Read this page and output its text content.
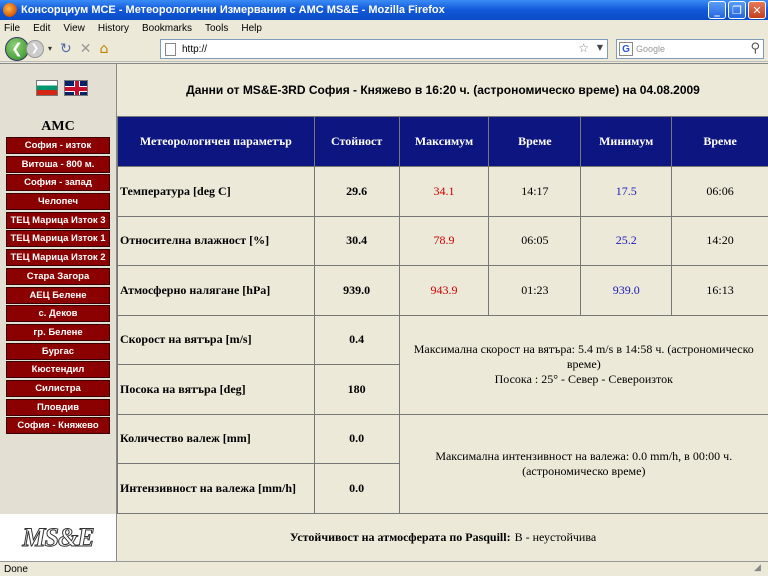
Консорциум МСЕ - Метеорологични Измервания с АМС MS&E - Mozilla Firefox	_	❐ ✕
File Edit View History Bookmarks Tools Help
❮ ❯	▾ ↻ ✕ ⌂	http://	☆ ▼	G Google	⚲
АМС
София - изток
Витоша - 800 м.
София - запад
Челопеч
ТЕЦ Марица Изток 3
ТЕЦ Марица Изток 1
ТЕЦ Марица Изток 2
Стара Загора
АЕЦ Белене
с. Деков
гр. Белене
Бургас
Кюстендил
Силистра
Пловдив
София - Княжево
MS&E
Данни от MS&E-3RD София - Княжево в 16:20 ч. (астрономическо време) на 04.08.2009
Метеорологичен параметър	Стойност	Максимум	Време	Минимум	Време
Температура [deg C]	29.6	34.1	14:17	17.5	06:06
Относителна влажност [%]	30.4	78.9	06:05	25.2	14:20
Атмосферно налягане [hPa]	939.0	943.9	01:23	939.0	16:13
Скорост на вятъра [m/s]	0.4	Максимална скорост на вятъра: 5.4 m/s в 14:58 ч. (астрономическо време)
Посока : 25° - Север - Североизток			

Посока на вятъра [deg]	180				
Количество валеж [mm]	0.0	Максимална интензивност на валежа: 0.0 mm/h, в 00:00 ч. (астрономическо време)			
Интензивност на валежа [mm/h]	0.0				
Устойчивост на атмосферата по Pasquill: B - неустойчива
Done	◢
